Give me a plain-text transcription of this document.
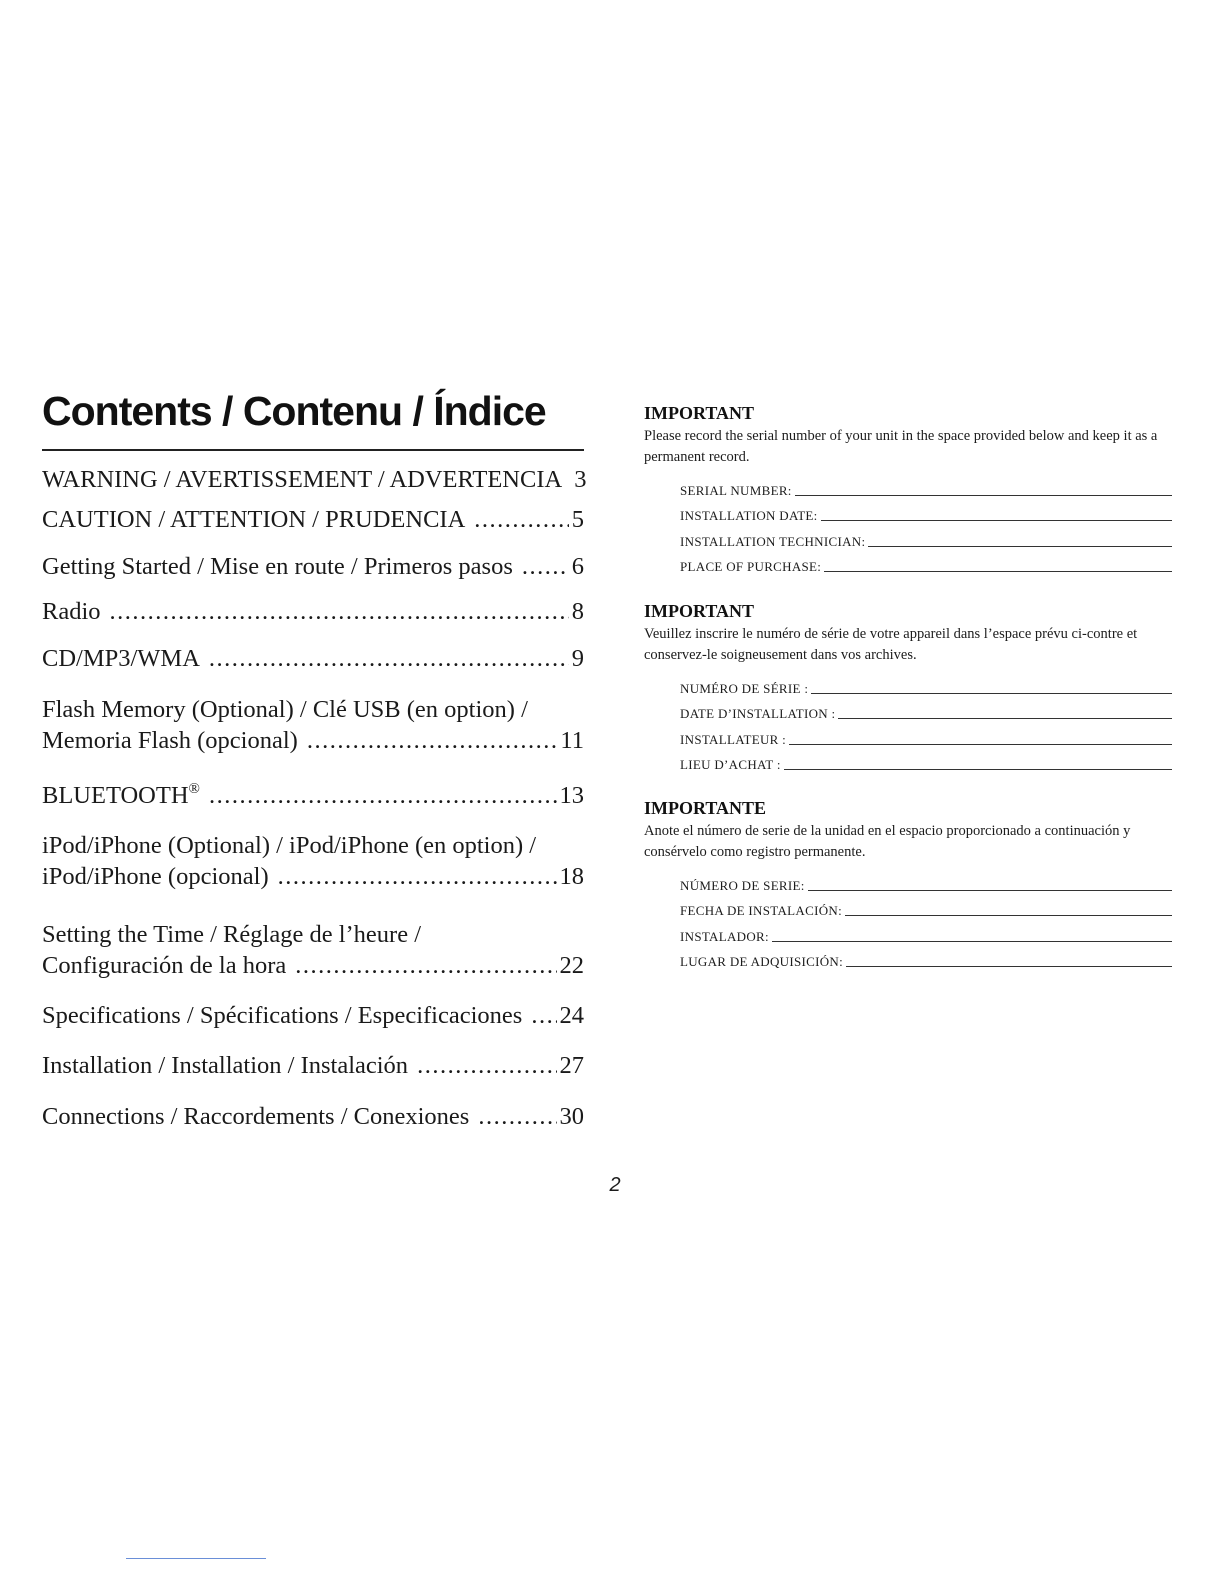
Contents / Contenu / Índice
WARNING / AVERTISSEMENT / ADVERTENCIA 3
CAUTION / ATTENTION / PRUDENCIA .....	5
Getting Started / Mise en route / Primeros pasos ..... 6
Radio .....	8
CD/MP3/WMA .....	9
Flash Memory (Optional) / Clé USB (en option) /
Memoria Flash (opcional) .....	11
BLUETOOTH® .....	13
iPod/iPhone (Optional) / iPod/iPhone (en option) /
iPod/iPhone (opcional) .....	18
Setting the Time / Réglage de l’heure /
Configuración de la hora .....	22
Specifications / Spécifications / Especificaciones ..... 24
Installation / Installation / Instalación .....	27
Connections / Raccordements / Conexiones .....	30
IMPORTANT
Please record the serial number of your unit in the space provided below and keep it as a permanent record.
SERIAL NUMBER:
INSTALLATION DATE:
INSTALLATION TECHNICIAN:
PLACE OF PURCHASE:
IMPORTANT
Veuillez inscrire le numéro de série de votre appareil dans l’espace prévu ci-contre et conservez-le soigneusement dans vos archives.
NUMÉRO DE SÉRIE :
DATE D’INSTALLATION :
INSTALLATEUR :
LIEU D’ACHAT :
IMPORTANTE
Anote el número de serie de la unidad en el espacio proporcionado a continuación y consérvelo como registro permanente.
NÚMERO DE SERIE:
FECHA DE INSTALACIÓN:
INSTALADOR:
LUGAR DE ADQUISICIÓN:
2
